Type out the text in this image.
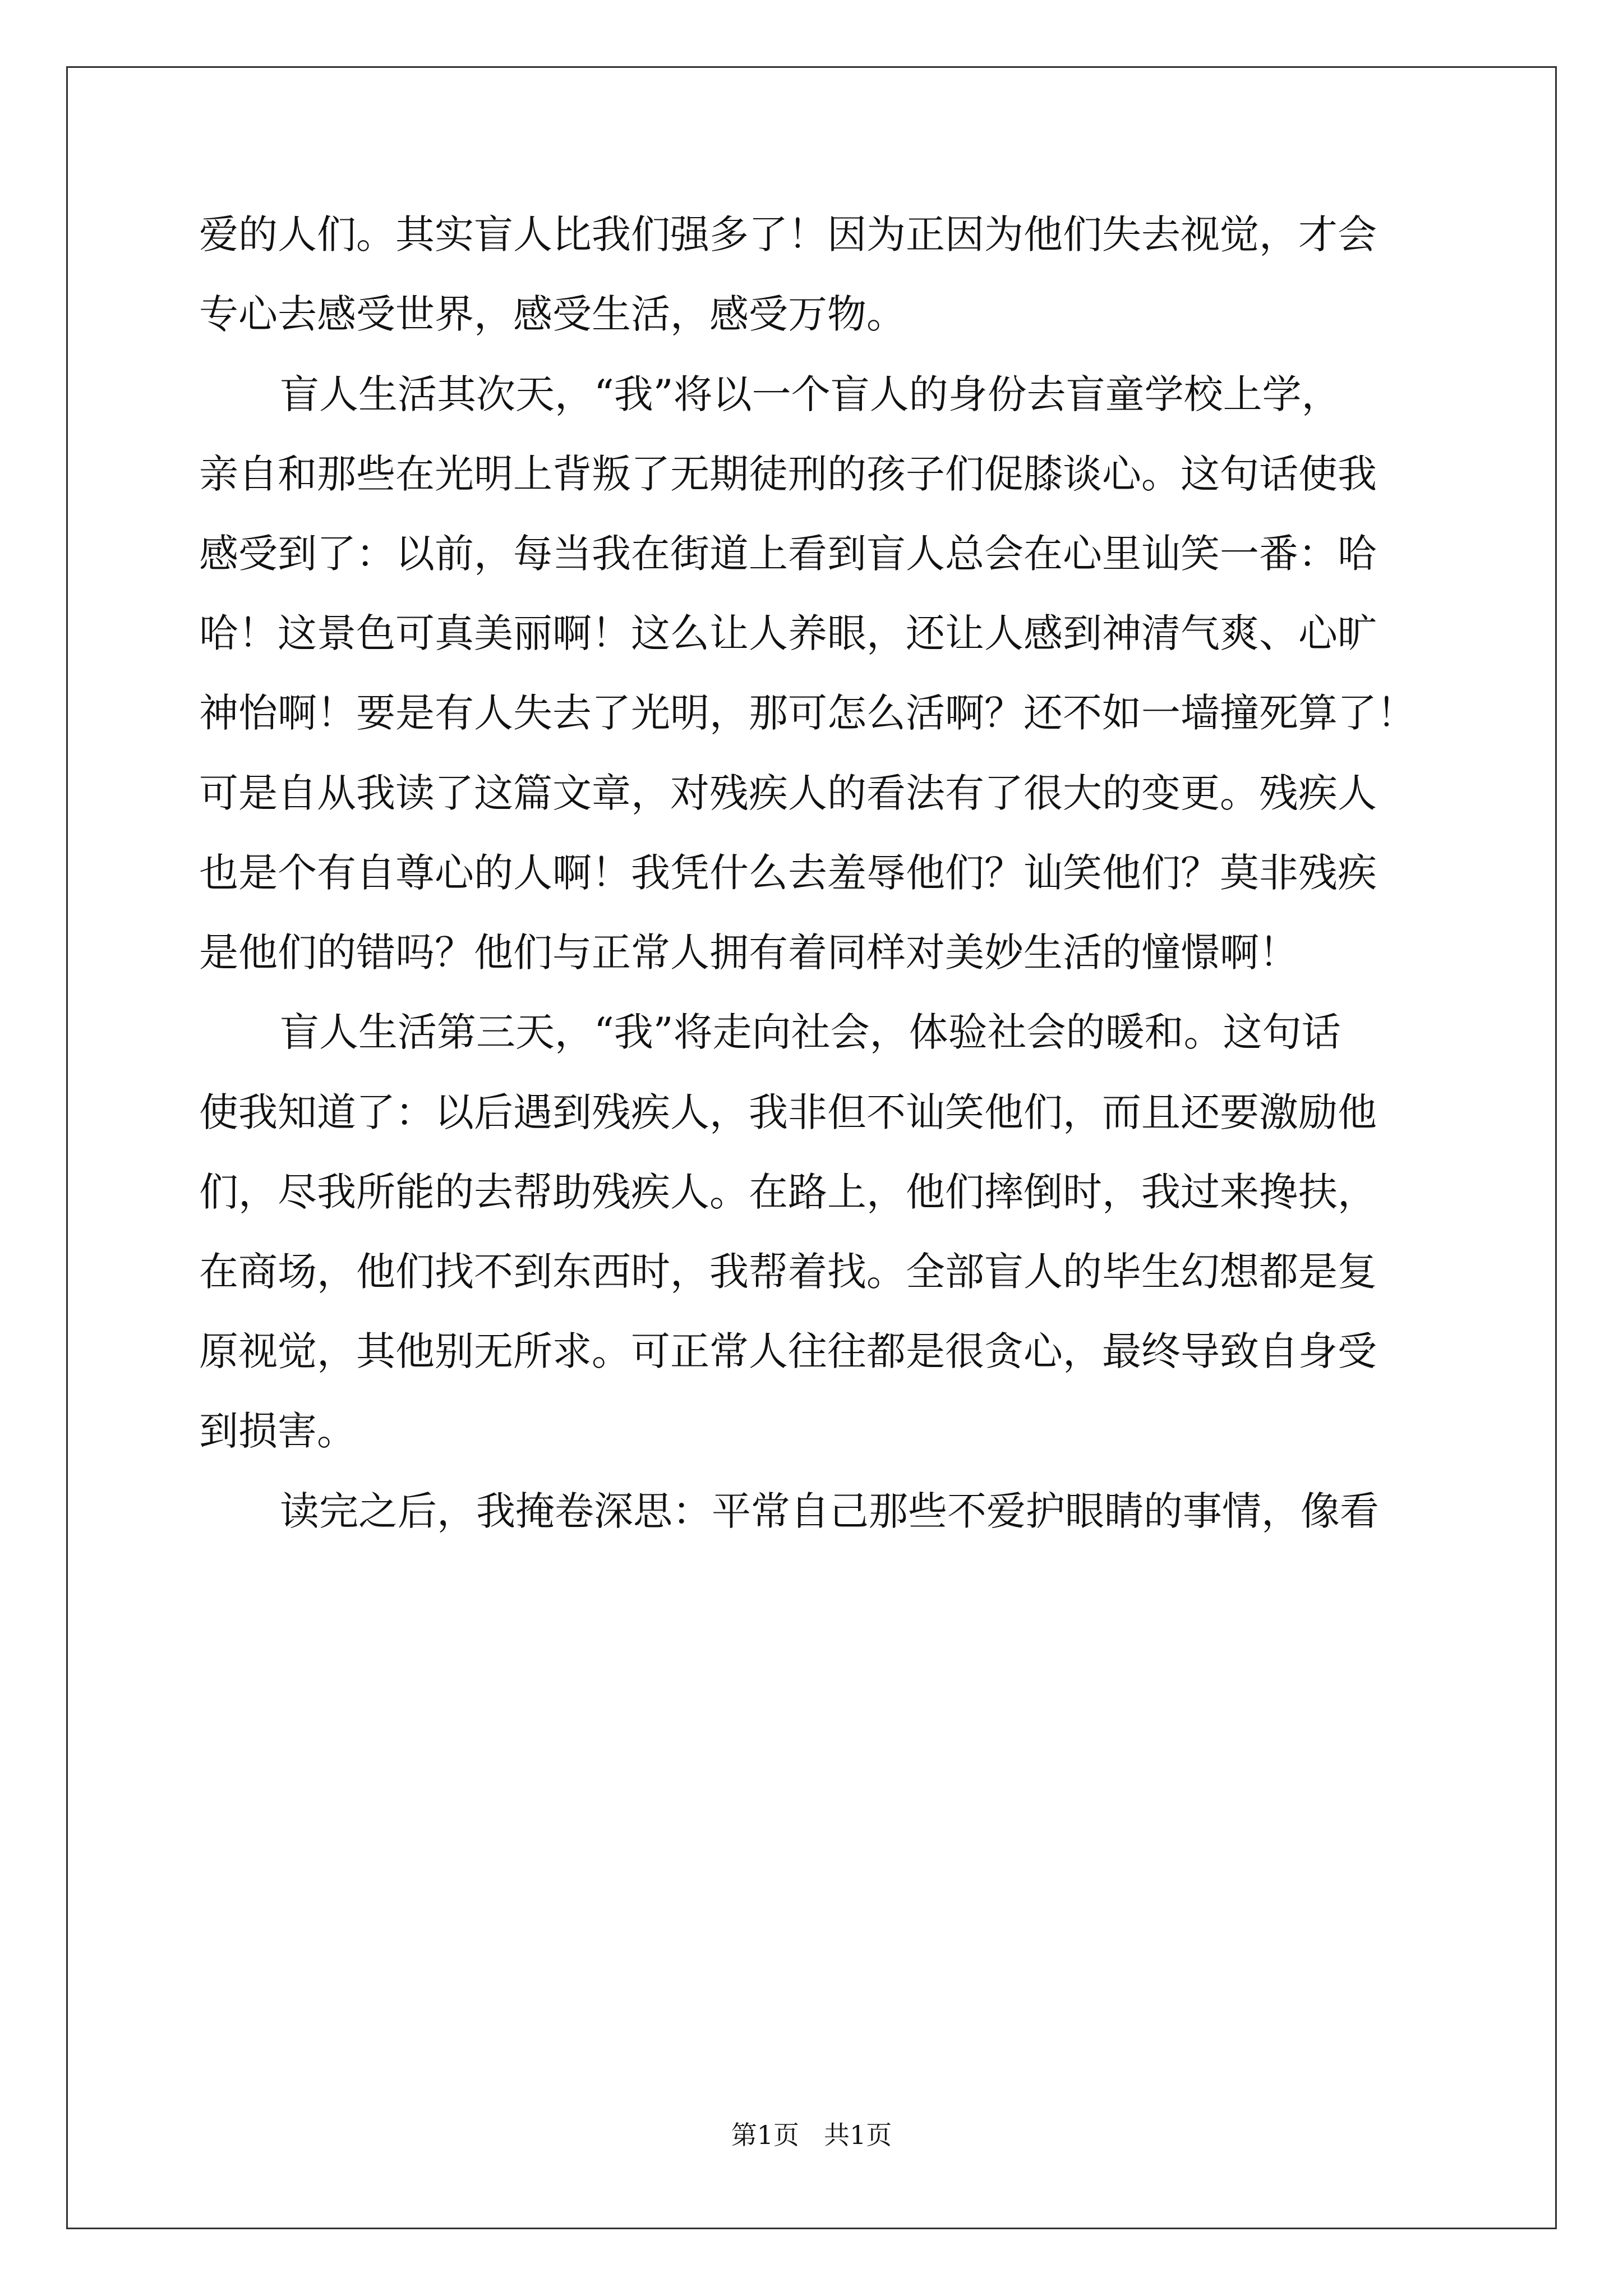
爱的人们。其实盲人比我们强多了！因为正因为他们失去视觉，才会
专心去感受世界，感受生活，感受万物。
盲人生活其次天，“我”将以一个盲人的身份去盲童学校上学，
亲自和那些在光明上背叛了无期徒刑的孩子们促膝谈心。这句话使我
感受到了：以前，每当我在街道上看到盲人总会在心里讪笑一番：哈
哈！这景色可真美丽啊！这么让人养眼，还让人感到神清气爽、心旷
神怡啊！要是有人失去了光明，那可怎么活啊？还不如一墙撞死算了！
可是自从我读了这篇文章，对残疾人的看法有了很大的变更。残疾人
也是个有自尊心的人啊！我凭什么去羞辱他们？讪笑他们？莫非残疾
是他们的错吗？他们与正常人拥有着同样对美妙生活的憧憬啊！
盲人生活第三天，“我”将走向社会，体验社会的暖和。这句话
使我知道了：以后遇到残疾人，我非但不讪笑他们，而且还要激励他
们，尽我所能的去帮助残疾人。在路上，他们摔倒时，我过来搀扶，
在商场，他们找不到东西时，我帮着找。全部盲人的毕生幻想都是复
原视觉，其他别无所求。可正常人往往都是很贪心，最终导致自身受
到损害。
读完之后，我掩卷深思：平常自己那些不爱护眼睛的事情，像看
第1页 共1页
